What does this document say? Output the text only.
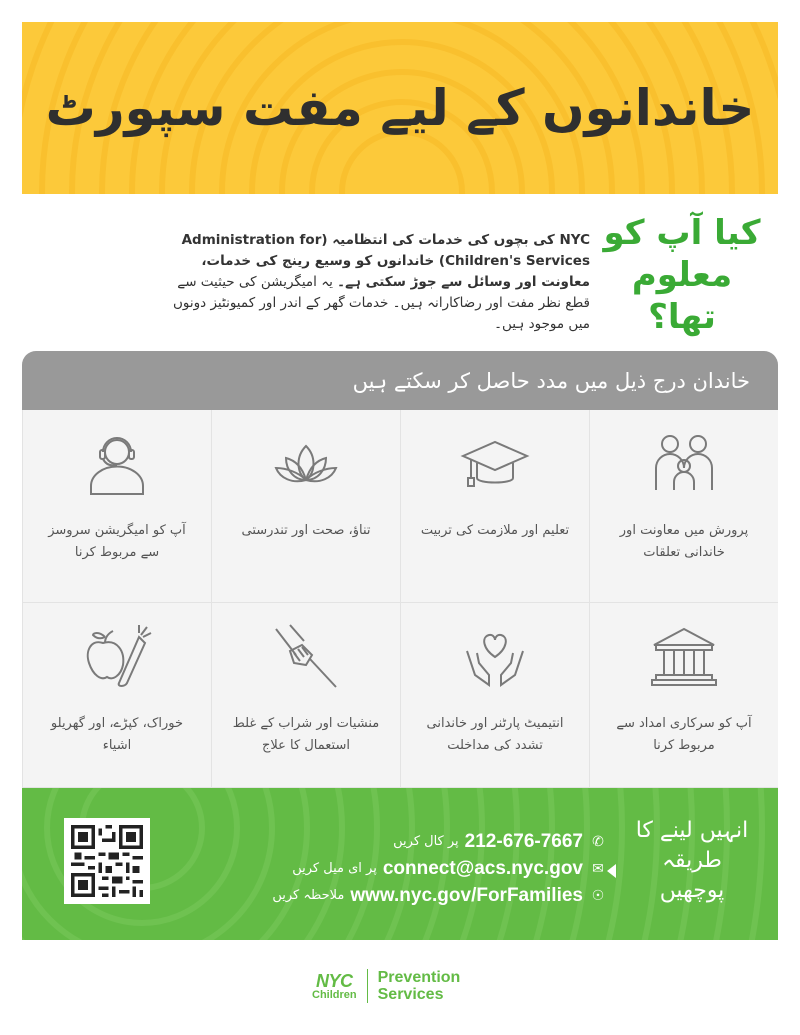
خاندانوں کے لیے مفت سپورٹ
NYC کی بچوں کی خدمات کی انتظامیہ (Administration for Children's Services) خاندانوں کو وسیع رینج کی خدمات، معاونت اور وسائل سے جوڑ سکتی ہے۔ یہ امیگریشن کی حیثیت سے قطع نظر مفت اور رضاکارانہ ہیں۔ خدمات گھر کے اندر اور کمیونٹیز دونوں میں موجود ہیں۔
کیا آپ کو معلوم تھا؟
خاندان درج ذیل میں مدد حاصل کر سکتے ہیں
پرورش میں معاونت اور خاندانی تعلقات
تعلیم اور ملازمت کی تربیت
تناؤ، صحت اور تندرستی
آپ کو امیگریشن سروسز سے مربوط کرنا
آپ کو سرکاری امداد سے مربوط کرنا
انتیمیٹ پارٹنر اور خاندانی تشدد کی مداخلت
منشیات اور شراب کے غلط استعمال کا علاج
خوراک، کپڑے، اور گھریلو اشیاء
✆
212-676-7667
پر کال کریں
✉
connect@acs.nyc.gov
پر ای میل کریں
☉
www.nyc.gov/ForFamilies
ملاحظہ کریں
انہیں لینے کا طریقہ پوچھیں
NYC
Children
Prevention
Services
